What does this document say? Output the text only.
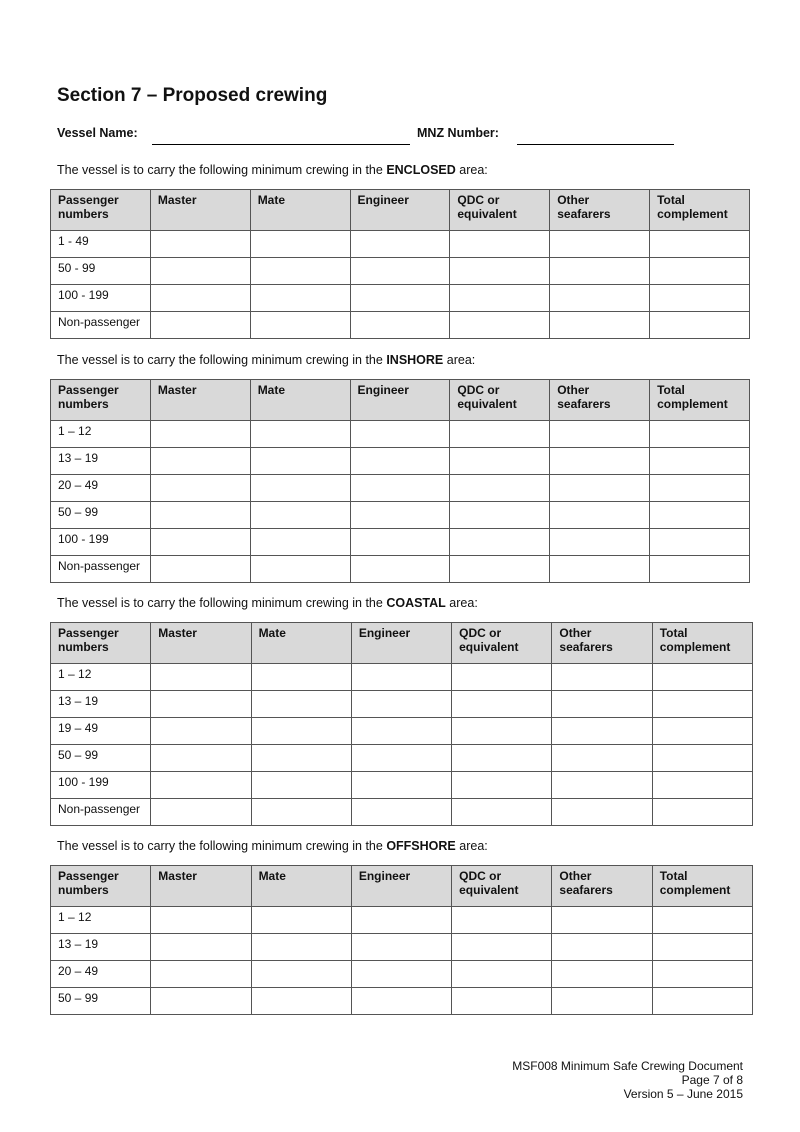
Section 7 – Proposed crewing
Vessel Name:	MNZ Number:

The vessel is to carry the following minimum crewing in the ENCLOSED area:

Passenger numbers	Master	Mate	Engineer	QDC or equivalent	Other seafarers	Total complement
1 - 49						
50 - 99						
100 - 199						
Non-passenger						

The vessel is to carry the following minimum crewing in the INSHORE area:

Passenger numbers	Master	Mate	Engineer	QDC or equivalent	Other seafarers	Total complement
1 – 12						
13 – 19						
20 – 49						
50 – 99						
100 - 199						
Non-passenger						

The vessel is to carry the following minimum crewing in the COASTAL area:

Passenger numbers	Master	Mate	Engineer	QDC or equivalent	Other seafarers	Total complement
1 – 12						
13 – 19						
19 – 49						
50 – 99						
100 - 199						
Non-passenger						

The vessel is to carry the following minimum crewing in the OFFSHORE area:

Passenger numbers	Master	Mate	Engineer	QDC or equivalent	Other seafarers	Total complement
1 – 12						
13 – 19						
20 – 49						
50 – 99						
MSF008 Minimum Safe Crewing Document
Page 7 of 8
Version 5 – June 2015
